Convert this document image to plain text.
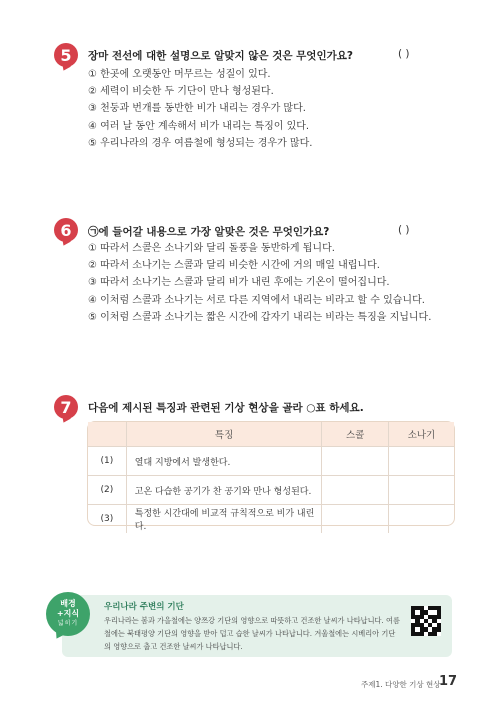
5 장마 전선에 대한 설명으로 알맞지 않은 것은 무엇인가요?	( )
① 한곳에 오랫동안 머무르는 성질이 있다.
② 세력이 비슷한 두 기단이 만나 형성된다.
③ 천둥과 번개를 동반한 비가 내리는 경우가 많다.
④ 여러 날 동안 계속해서 비가 내리는 특징이 있다.
⑤ 우리나라의 경우 여름철에 형성되는 경우가 많다.
6 ㉠에 들어갈 내용으로 가장 알맞은 것은 무엇인가요?	( )
① 따라서 스콜은 소나기와 달리 돌풍을 동반하게 됩니다.
② 따라서 소나기는 스콜과 달리 비슷한 시간에 거의 매일 내립니다.
③ 따라서 소나기는 스콜과 달리 비가 내린 후에는 기온이 떨어집니다.
④ 이처럼 스콜과 소나기는 서로 다른 지역에서 내리는 비라고 할 수 있습니다.
⑤ 이처럼 스콜과 소나기는 짧은 시간에 갑자기 내리는 비라는 특징을 지닙니다.
7 다음에 제시된 특징과 관련된 기상 현상을 골라 ○표 하세요.
	특징	스콜	소나기
(1)	열대 지방에서 발생한다.		
(2)	고온 다습한 공기가 찬 공기와 만나 형성된다.		
(3)	특정한 시간대에 비교적 규칙적으로 비가 내린다.		
배경
+지식
넓히기
우리나라 주변의 기단
우리나라는 봄과 가을철에는 양쯔강 기단의 영향으로 따뜻하고 건조한 날씨가 나타납니다. 여름철에는 북태평양 기단의 영향을 받아 덥고 습한 날씨가 나타납니다. 겨울철에는 시베리아 기단의 영향으로 춥고 건조한 날씨가 나타납니다.
주제1. 다양한 기상 현상
17
